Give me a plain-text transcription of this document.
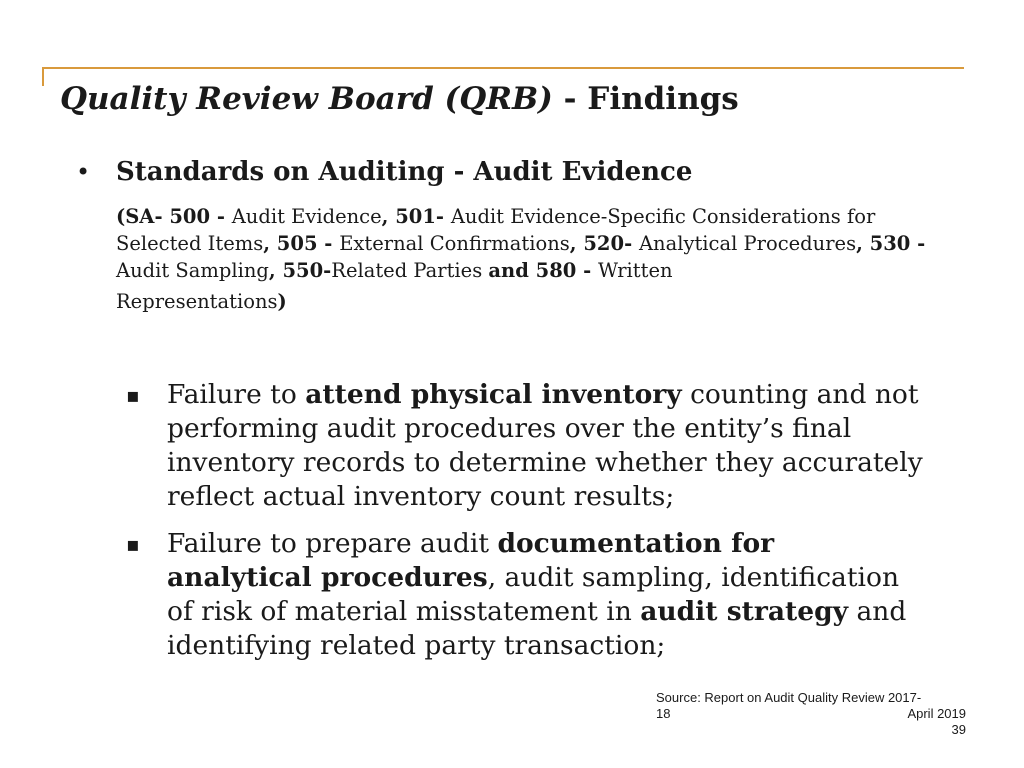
Quality Review Board (QRB) - Findings
• Standards on Auditing - Audit Evidence
(SA- 500 - Audit Evidence, 501- Audit Evidence-Specific Considerations for Selected Items, 505 - External Confirmations, 520- Analytical Procedures, 530 - Audit Sampling, 550-Related Parties and 580 - Written
Representations)
▪ Failure to attend physical inventory counting and not performing audit procedures over the entity’s final inventory records to determine whether they accurately reflect actual inventory count results;
▪ Failure to prepare audit documentation for analytical procedures, audit sampling, identification of risk of material misstatement in audit strategy and identifying related party transaction;
Source: Report on Audit Quality Review 2017-
18	April 2019
39
